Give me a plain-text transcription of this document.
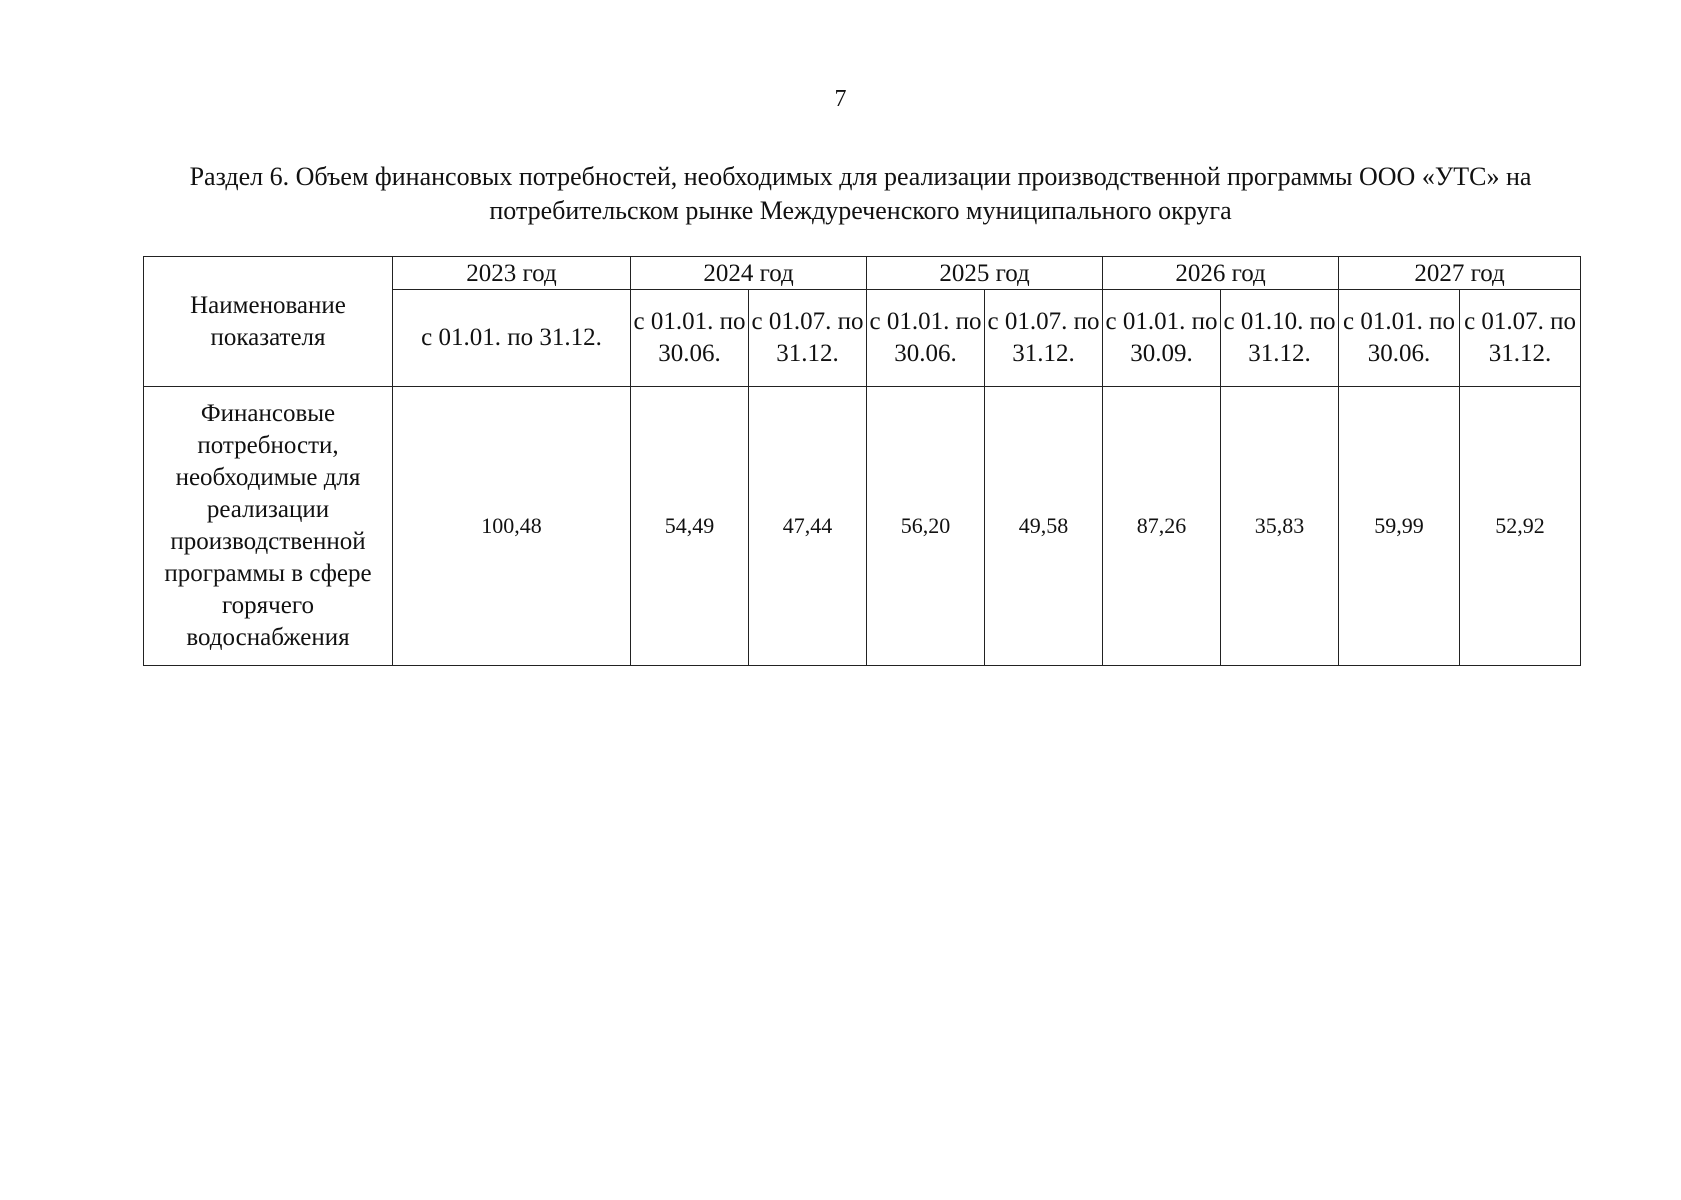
7
Раздел 6. Объем финансовых потребностей, необходимых для реализации производственной программы ООО «УТС» на
потребительском рынке Междуреченского муниципального округа
Наименование показателя	2023 год	2024 год		2025 год		2026 год		2027 год	
	с 01.01. по 31.12.	с 01.01. по 30.06.	с 01.07. по 31.12.	с 01.01. по 30.06.	с 01.07. по 31.12.	с 01.01. по 30.09.	с 01.10. по 31.12.	с 01.01. по 30.06.	с 01.07. по 31.12.
Финансовые потребности, необходимые для реализации производственной программы в сфере горячего водоснабжения	100,48	54,49	47,44	56,20	49,58	87,26	35,83	59,99	52,92
